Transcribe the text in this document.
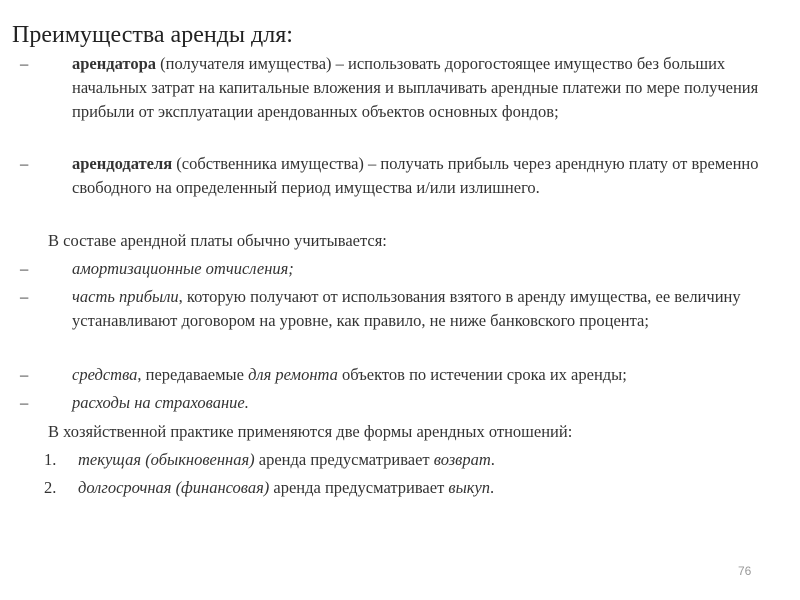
Преимущества аренды для:
–	арендатора (получателя имущества) – использовать дорогостоящее имущество без больших начальных затрат на капитальные вложения и выплачивать арендные платежи по мере получения прибыли от эксплуатации арендованных объектов основных фондов;
–	арендодателя (собственника имущества) – получать прибыль через арендную плату от временно свободного на определенный период имущества и/или излишнего.
В составе арендной платы обычно учитывается:
–	амортизационные отчисления;
–	часть прибыли, которую получают от использования взятого в аренду имущества, ее величину устанавливают договором на уровне, как правило, не ниже банковского процента;
–	средства, передаваемые для ремонта объектов по истечении срока их аренды;
–	расходы на страхование.
В хозяйственной практике применяются две формы арендных отношений:
1. текущая (обыкновенная) аренда предусматривает возврат.
2. долгосрочная (финансовая) аренда предусматривает выкуп.
76
